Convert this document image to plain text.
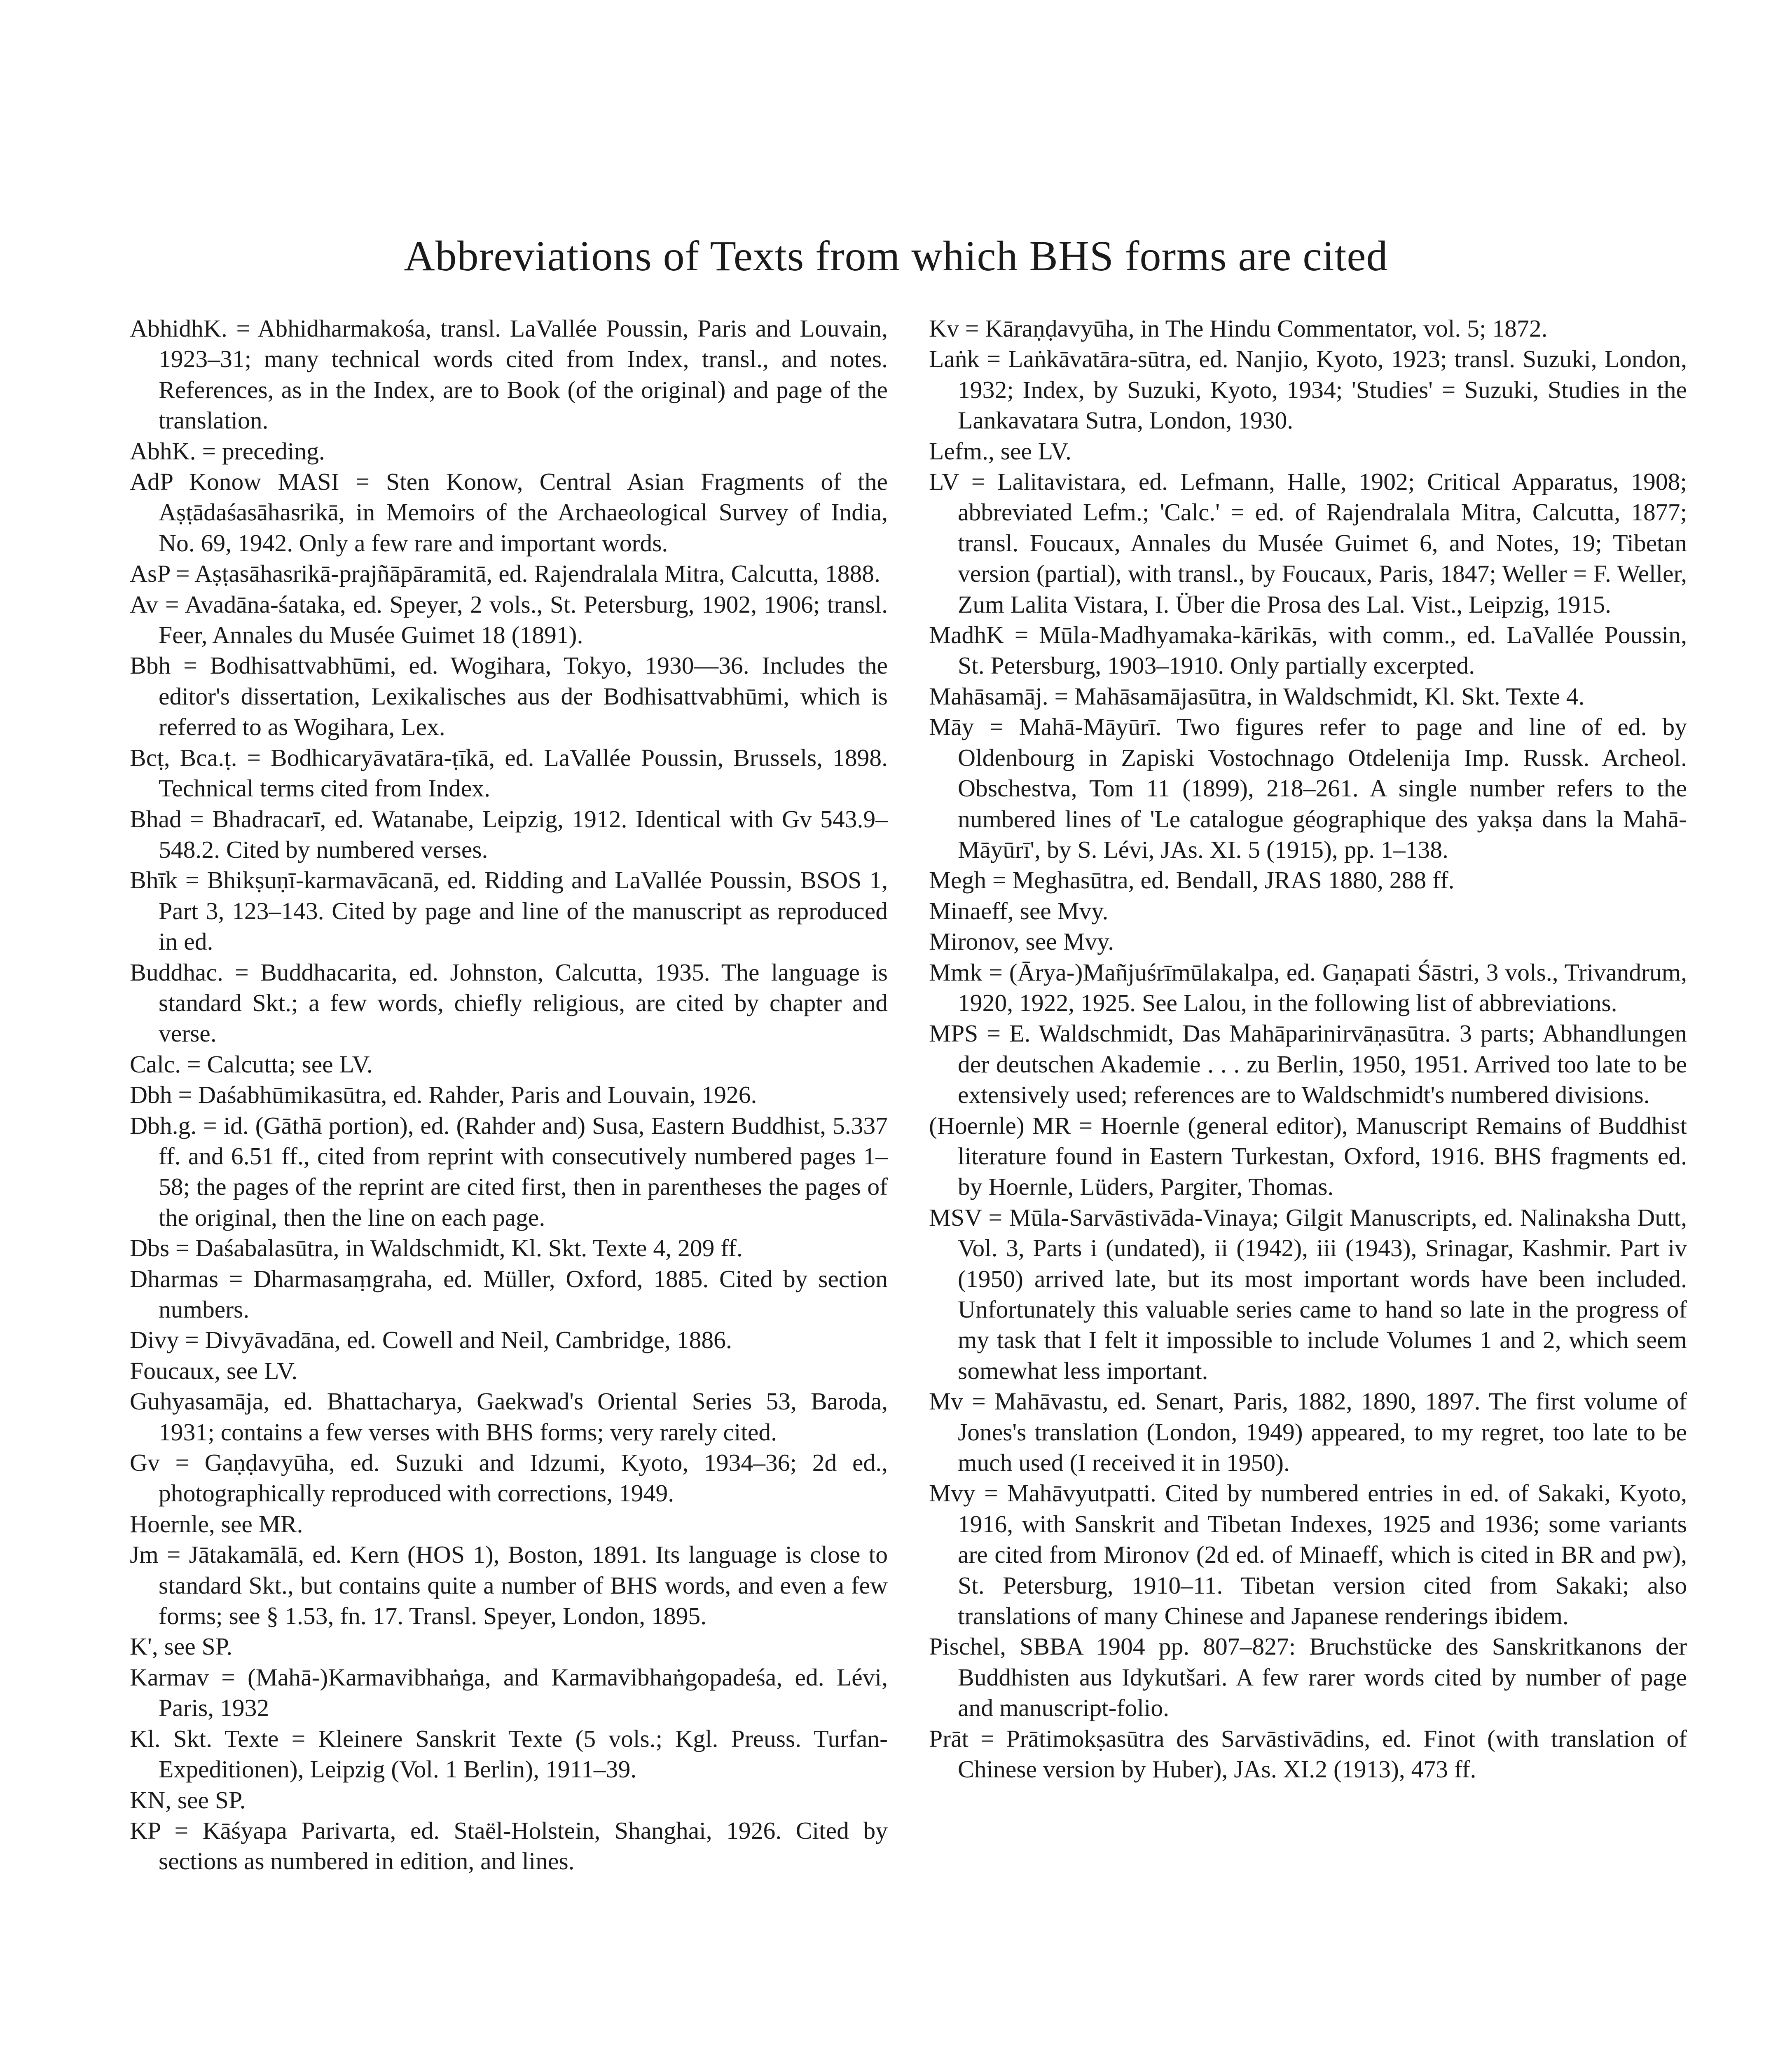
Abbreviations of Texts from which BHS forms are cited

AbhidhK. = Abhidharmakośa, transl. LaVallée Poussin, Paris and Louvain, 1923–31; many technical words cited from Index, transl., and notes. References, as in the Index, are to Book (of the original) and page of the translation.

AbhK. = preceding.

AdP Konow MASI = Sten Konow, Central Asian Fragments of the Aṣṭādaśasāhasrikā, in Memoirs of the Archaeological Survey of India, No. 69, 1942. Only a few rare and important words.

AsP = Aṣṭasāhasrikā-prajñāpāramitā, ed. Rajendralala Mitra, Calcutta, 1888.

Av = Avadāna-śataka, ed. Speyer, 2 vols., St. Petersburg, 1902, 1906; transl. Feer, Annales du Musée Guimet 18 (1891).

Bbh = Bodhisattvabhūmi, ed. Wogihara, Tokyo, 1930—36. Includes the editor's dissertation, Lexikalisches aus der Bodhisattvabhūmi, which is referred to as Wogihara, Lex.

Bcṭ, Bca.ṭ. = Bodhicaryāvatāra-ṭīkā, ed. LaVallée Poussin, Brussels, 1898. Technical terms cited from Index.

Bhad = Bhadracarī, ed. Watanabe, Leipzig, 1912. Identical with Gv 543.9–548.2. Cited by numbered verses.

Bhīk = Bhikṣuṇī-karmavācanā, ed. Ridding and LaVallée Poussin, BSOS 1, Part 3, 123–143. Cited by page and line of the manuscript as reproduced in ed.

Buddhac. = Buddhacarita, ed. Johnston, Calcutta, 1935. The language is standard Skt.; a few words, chiefly religious, are cited by chapter and verse.

Calc. = Calcutta; see LV.

Dbh = Daśabhūmikasūtra, ed. Rahder, Paris and Louvain, 1926.

Dbh.g. = id. (Gāthā portion), ed. (Rahder and) Susa, Eastern Buddhist, 5.337 ff. and 6.51 ff., cited from reprint with consecutively numbered pages 1–58; the pages of the reprint are cited first, then in parentheses the pages of the original, then the line on each page.

Dbs = Daśabalasūtra, in Waldschmidt, Kl. Skt. Texte 4, 209 ff.

Dharmas = Dharmasaṃgraha, ed. Müller, Oxford, 1885. Cited by section numbers.

Divy = Divyāvadāna, ed. Cowell and Neil, Cambridge, 1886.

Foucaux, see LV.

Guhyasamāja, ed. Bhattacharya, Gaekwad's Oriental Series 53, Baroda, 1931; contains a few verses with BHS forms; very rarely cited.

Gv = Gaṇḍavyūha, ed. Suzuki and Idzumi, Kyoto, 1934–36; 2d ed., photographically reproduced with corrections, 1949.

Hoernle, see MR.

Jm = Jātakamālā, ed. Kern (HOS 1), Boston, 1891. Its language is close to standard Skt., but contains quite a number of BHS words, and even a few forms; see § 1.53, fn. 17. Transl. Speyer, London, 1895.

K', see SP.

Karmav = (Mahā-)Karmavibhaṅga, and Karmavibhaṅgopadeśa, ed. Lévi, Paris, 1932

Kl. Skt. Texte = Kleinere Sanskrit Texte (5 vols.; Kgl. Preuss. Turfan-Expeditionen), Leipzig (Vol. 1 Berlin), 1911–39.

KN, see SP.

KP = Kāśyapa Parivarta, ed. Staël-Holstein, Shanghai, 1926. Cited by sections as numbered in edition, and lines.

Kv = Kāraṇḍavyūha, in The Hindu Commentator, vol. 5; 1872.

Laṅk = Laṅkāvatāra-sūtra, ed. Nanjio, Kyoto, 1923; transl. Suzuki, London, 1932; Index, by Suzuki, Kyoto, 1934; 'Studies' = Suzuki, Studies in the Lankavatara Sutra, London, 1930.

Lefm., see LV.

LV = Lalitavistara, ed. Lefmann, Halle, 1902; Critical Apparatus, 1908; abbreviated Lefm.; 'Calc.' = ed. of Rajendralala Mitra, Calcutta, 1877; transl. Foucaux, Annales du Musée Guimet 6, and Notes, 19; Tibetan version (partial), with transl., by Foucaux, Paris, 1847; Weller = F. Weller, Zum Lalita Vistara, I. Über die Prosa des Lal. Vist., Leipzig, 1915.

MadhK = Mūla-Madhyamaka-kārikās, with comm., ed. LaVallée Poussin, St. Petersburg, 1903–1910. Only partially excerpted.

Mahāsamāj. = Mahāsamājasūtra, in Waldschmidt, Kl. Skt. Texte 4.

Māy = Mahā-Māyūrī. Two figures refer to page and line of ed. by Oldenbourg in Zapiski Vostochnago Otdelenija Imp. Russk. Archeol. Obschestva, Tom 11 (1899), 218–261. A single number refers to the numbered lines of 'Le catalogue géographique des yakṣa dans la Mahā-Māyūrī', by S. Lévi, JAs. XI. 5 (1915), pp. 1–138.

Megh = Meghasūtra, ed. Bendall, JRAS 1880, 288 ff.

Minaeff, see Mvy.

Mironov, see Mvy.

Mmk = (Ārya-)Mañjuśrīmūlakalpa, ed. Gaṇapati Śāstri, 3 vols., Trivandrum, 1920, 1922, 1925. See Lalou, in the following list of abbreviations.

MPS = E. Waldschmidt, Das Mahāparinirvāṇasūtra. 3 parts; Abhandlungen der deutschen Akademie . . . zu Berlin, 1950, 1951. Arrived too late to be extensively used; references are to Waldschmidt's numbered divisions.

(Hoernle) MR = Hoernle (general editor), Manuscript Remains of Buddhist literature found in Eastern Turkestan, Oxford, 1916. BHS fragments ed. by Hoernle, Lüders, Pargiter, Thomas.

MSV = Mūla-Sarvāstivāda-Vinaya; Gilgit Manuscripts, ed. Nalinaksha Dutt, Vol. 3, Parts i (undated), ii (1942), iii (1943), Srinagar, Kashmir. Part iv (1950) arrived late, but its most important words have been included. Unfortunately this valuable series came to hand so late in the progress of my task that I felt it impossible to include Volumes 1 and 2, which seem somewhat less important.

Mv = Mahāvastu, ed. Senart, Paris, 1882, 1890, 1897. The first volume of Jones's translation (London, 1949) appeared, to my regret, too late to be much used (I received it in 1950).

Mvy = Mahāvyutpatti. Cited by numbered entries in ed. of Sakaki, Kyoto, 1916, with Sanskrit and Tibetan Indexes, 1925 and 1936; some variants are cited from Mironov (2d ed. of Minaeff, which is cited in BR and pw), St. Petersburg, 1910–11. Tibetan version cited from Sakaki; also translations of many Chinese and Japanese renderings ibidem.

Pischel, SBBA 1904 pp. 807–827: Bruchstücke des Sanskritkanons der Buddhisten aus Idykutšari. A few rarer words cited by number of page and manuscript-folio.

Prāt = Prātimokṣasūtra des Sarvāstivādins, ed. Finot (with translation of Chinese version by Huber), JAs. XI.2 (1913), 473 ff.
